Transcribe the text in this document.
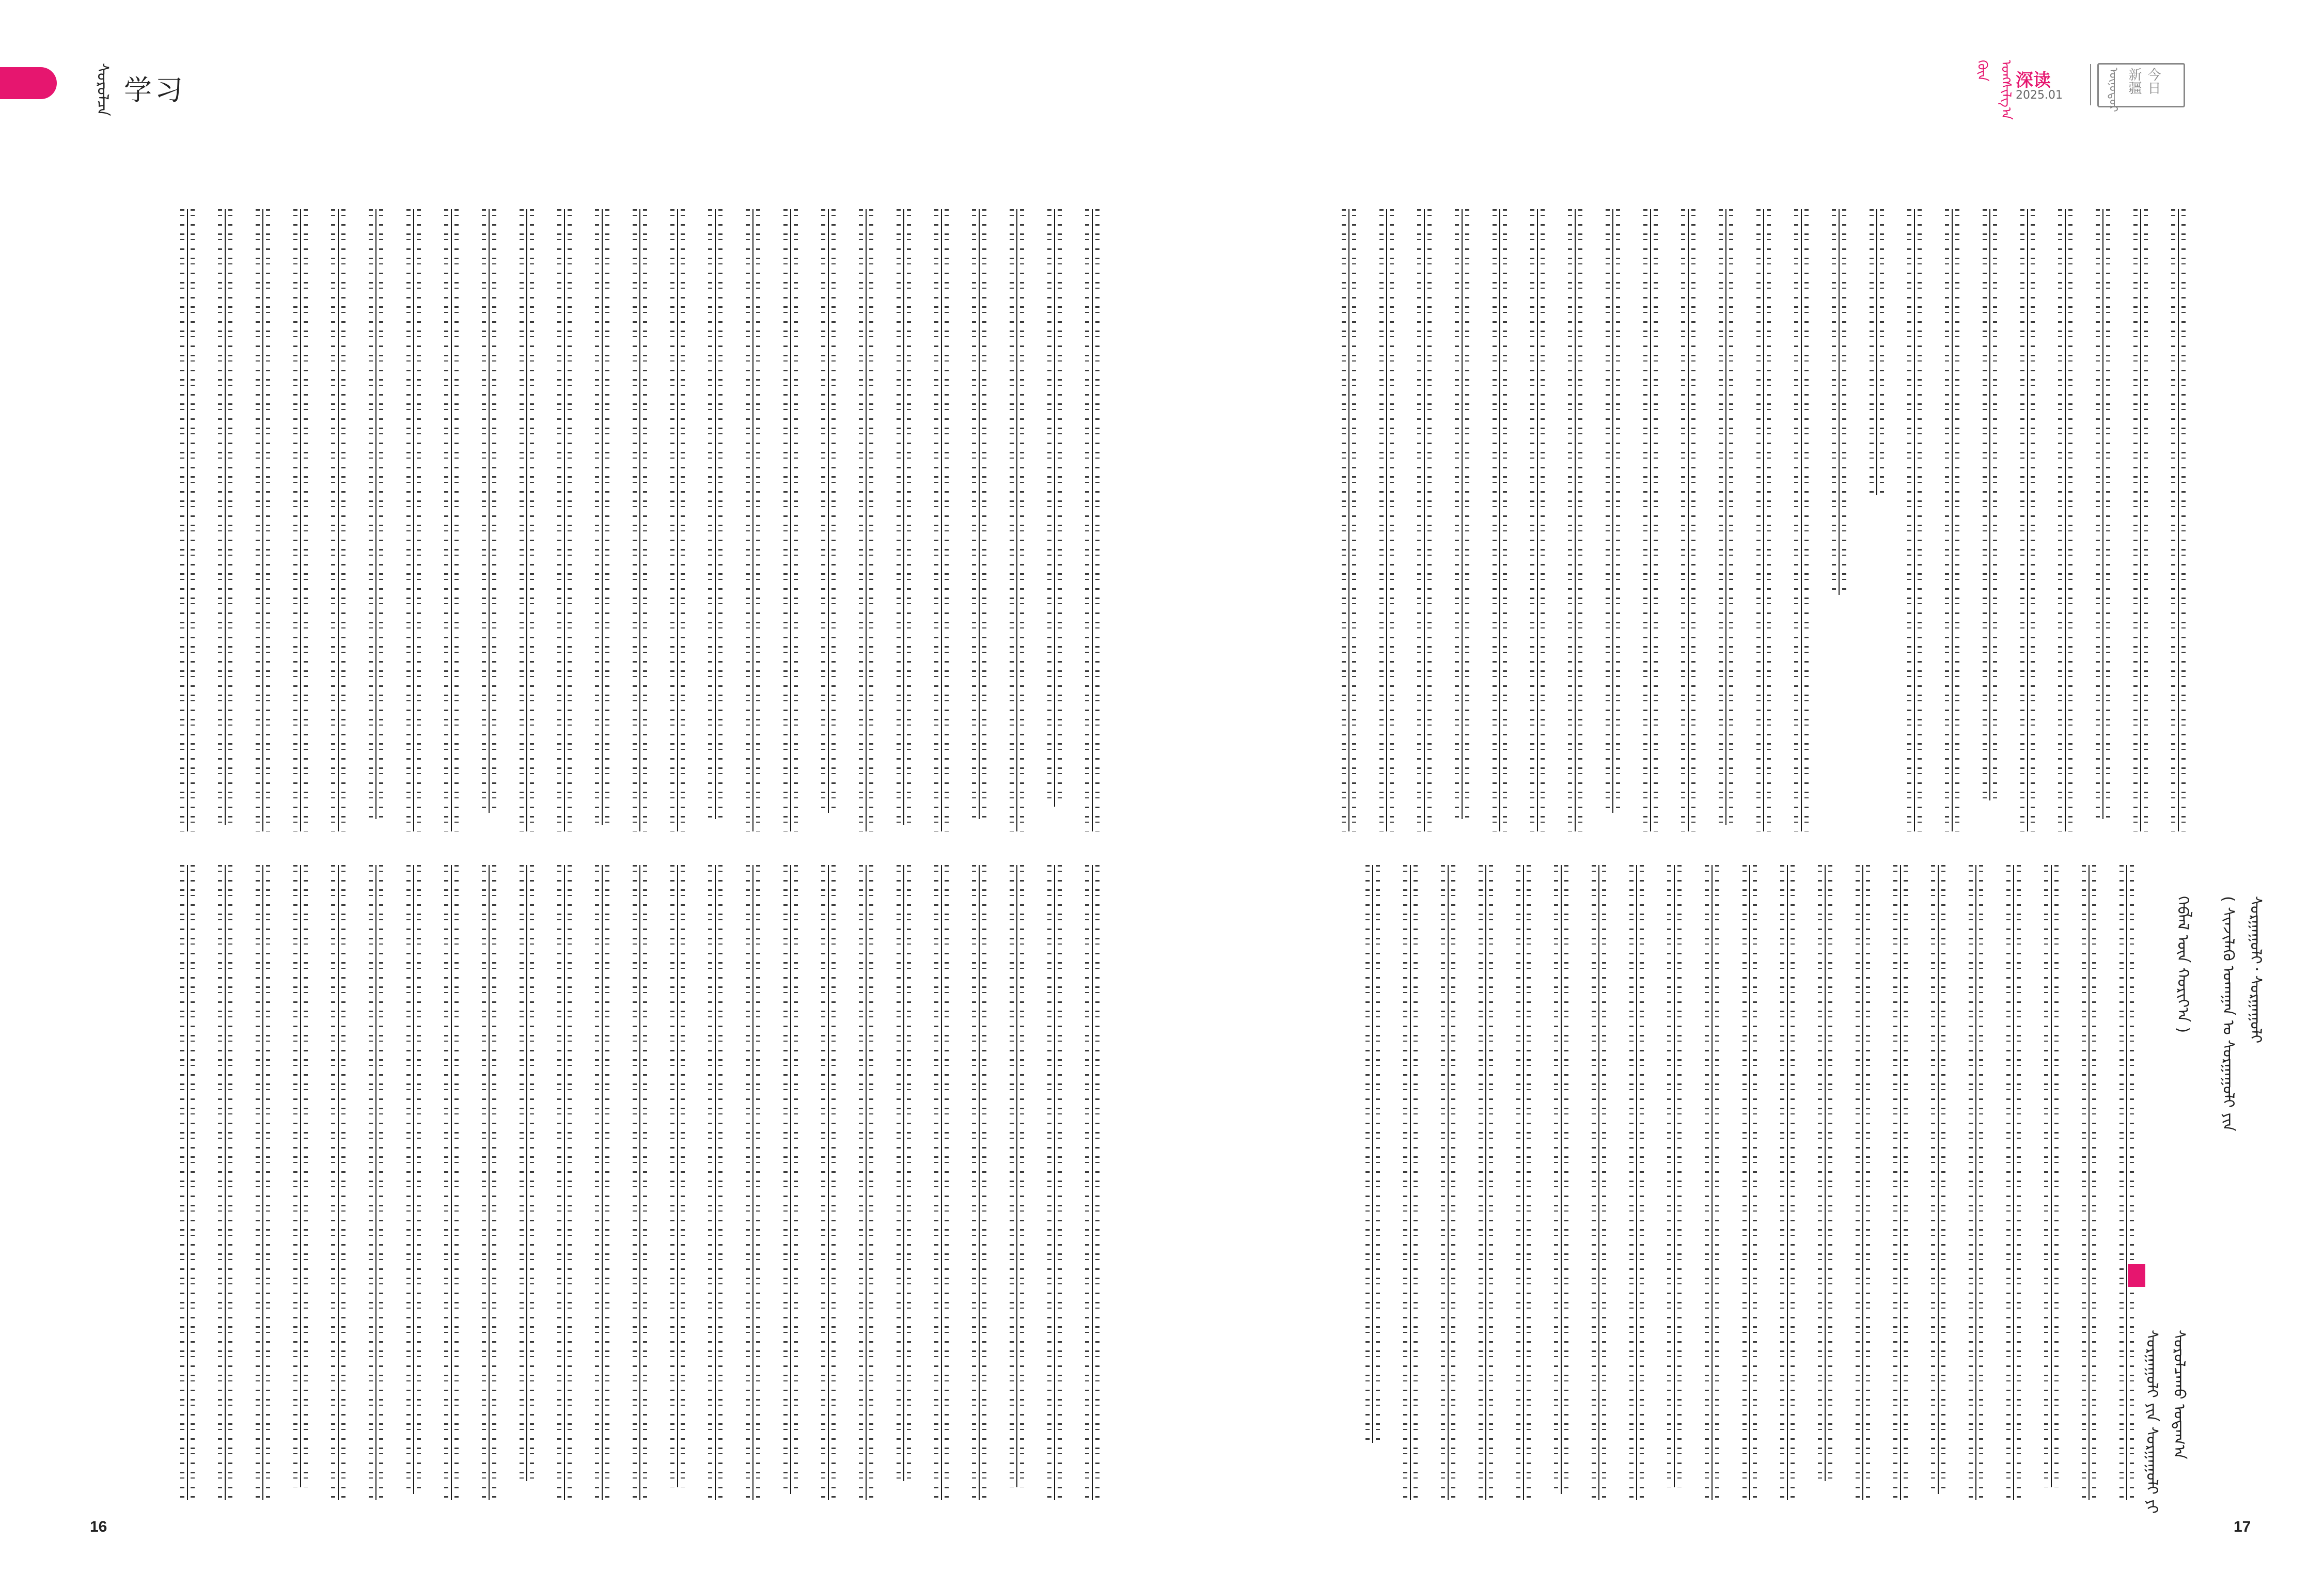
ᠰᠤᠷᠤᠯᠴᠠ 学习
16	17
ᠭᠦᠨ ᠤᠩᠰᠢᠯᠭ᠎ᠠ 深读
2025.01	ᠥᠨᠥᠳᠥᠷ	今日新疆
( ᠰᠢᠨᠵᠢᠯᠡᠬᠦ ᠤᠬᠠᠭᠠᠨ ᠤ ᠰᠤᠷᠭᠠᠭᠤᠯᠢ ᠶᠢᠨ ᠰᠤᠷᠭᠠᠭᠤᠯᠢ᠂ ᠰᠤᠷᠭᠠᠭᠤᠯᠢ
ᠬᠡᠪᠯᠡᠯ ᠦᠨ ᠬᠤᠷᠢᠶ᠎ᠠ )
ᠰᠤᠷᠭᠠᠭᠤᠯᠢ ᠶᠢᠨ ᠰᠤᠷᠭᠠᠭᠤᠯᠢ ᠶᠢ ᠰᠤᠷᠤᠯᠴᠠᠬᠤ ᠤᠳᠠᠭ᠎ᠠ
